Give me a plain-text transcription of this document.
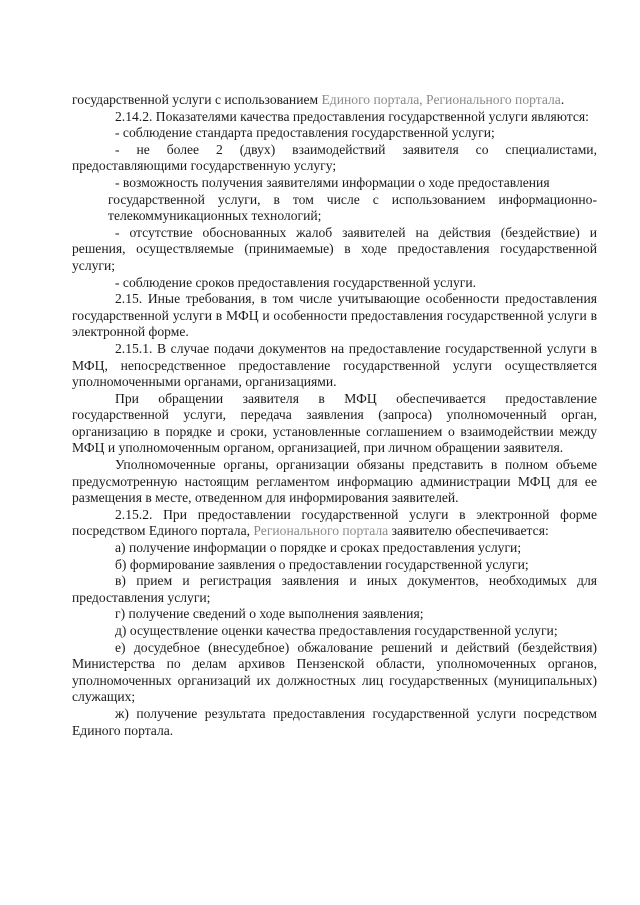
государственной услуги с использованием Единого портала, Регионального портала.

2.14.2. Показателями качества предоставления государственной услуги являются:

- соблюдение стандарта предоставления государственной услуги;

- не более 2 (двух) взаимодействий заявителя со специалистами, предоставляющими государственную услугу;

- возможность получения заявителями информации о ходе предоставления

государственной услуги, в том числе с использованием информационно-телекоммуникационных технологий;

- отсутствие обоснованных жалоб заявителей на действия (бездействие) и решения, осуществляемые (принимаемые) в ходе предоставления государственной услуги;

- соблюдение сроков предоставления государственной услуги.

2.15. Иные требования, в том числе учитывающие особенности предоставления государственной услуги в МФЦ и особенности предоставления государственной услуги в электронной форме.

2.15.1. В случае подачи документов на предоставление государственной услуги в МФЦ, непосредственное предоставление государственной услуги осуществляется уполномоченными органами, организациями.

При обращении заявителя в МФЦ обеспечивается предоставление государственной услуги, передача заявления (запроса) уполномоченный орган, организацию в порядке и сроки, установленные соглашением о взаимодействии между МФЦ и уполномоченным органом, организацией, при личном обращении заявителя.

Уполномоченные органы, организации обязаны представить в полном объеме предусмотренную настоящим регламентом информацию администрации МФЦ для ее размещения в месте, отведенном для информирования заявителей.

2.15.2. При предоставлении государственной услуги в электронной форме посредством Единого портала, Регионального портала заявителю обеспечивается:

а) получение информации о порядке и сроках предоставления услуги;

б) формирование заявления о предоставлении государственной услуги;

в) прием и регистрация заявления и иных документов, необходимых для предоставления услуги;

г) получение сведений о ходе выполнения заявления;

д) осуществление оценки качества предоставления государственной услуги;

е) досудебное (внесудебное) обжалование решений и действий (бездействия) Министерства по делам архивов Пензенской области, уполномоченных органов, уполномоченных организаций их должностных лиц государственных (муниципальных) служащих;

ж) получение результата предоставления государственной услуги посредством Единого портала.
